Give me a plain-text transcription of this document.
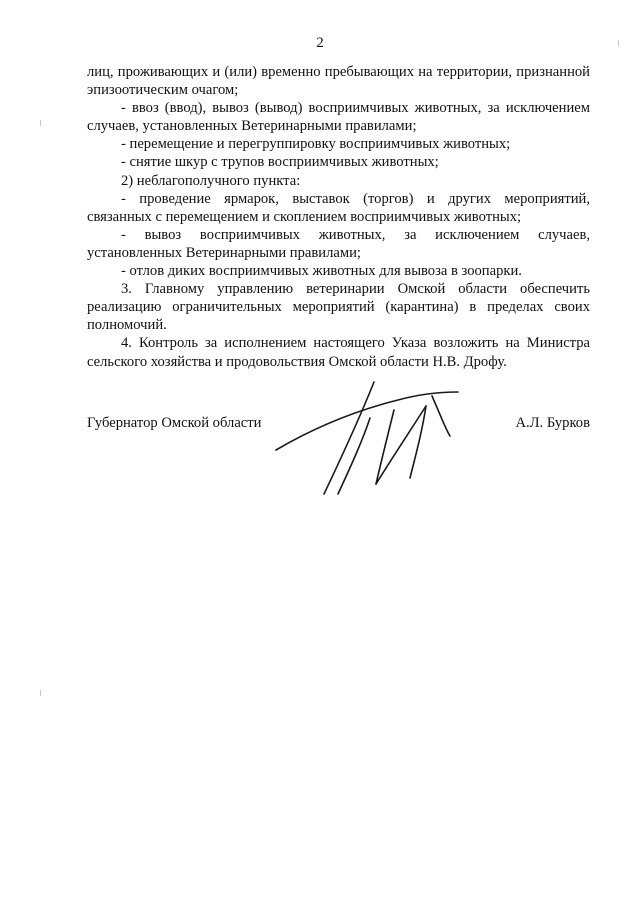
2

лиц, проживающих и (или) временно пребывающих на территории, признанной эпизоотическим очагом;

- ввоз (ввод), вывоз (вывод) восприимчивых животных, за исключением случаев, установленных Ветеринарными правилами;

- перемещение и перегруппировку восприимчивых животных;

- снятие шкур с трупов восприимчивых животных;

2) неблагополучного пункта:

- проведение ярмарок, выставок (торгов) и других мероприятий, связанных с перемещением и скоплением восприимчивых животных;

- вывоз восприимчивых животных, за исключением случаев, установленных Ветеринарными правилами;

- отлов диких восприимчивых животных для вывоза в зоопарки.

3. Главному управлению ветеринарии Омской области обеспечить реализацию ограничительных мероприятий (карантина) в пределах своих полномочий.

4. Контроль за исполнением настоящего Указа возложить на Министра сельского хозяйства и продовольствия Омской области Н.В. Дрофу.

Губернатор Омской области	А.Л. Бурков
